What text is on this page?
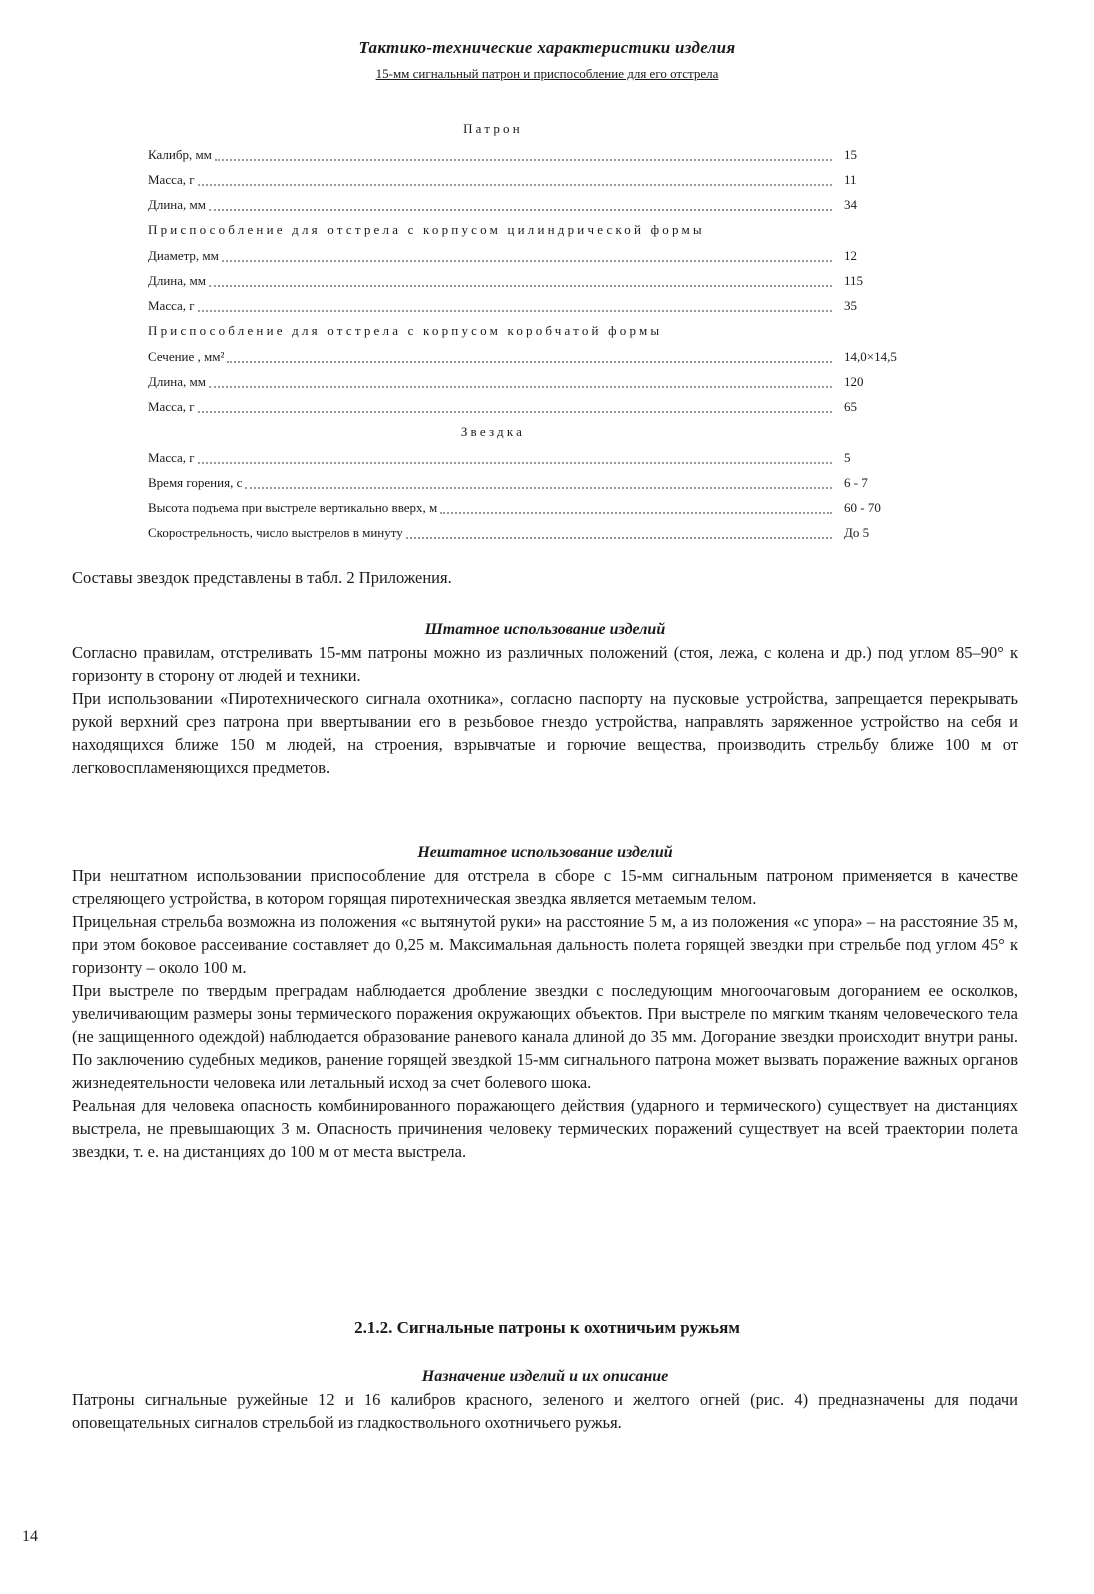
Тактико-технические характеристики изделия
15-мм сигнальный патрон и приспособление для его отстрела
Патрон
Калибр, мм	15
Масса, г	11
Длина, мм	34
Приспособление для отстрела с корпусом цилиндрической формы
Диаметр, мм	12
Длина, мм	115
Масса, г	35
Приспособление для отстрела с корпусом коробчатой формы
Сечение , мм²	14,0×14,5
Длина, мм	120
Масса, г	65
Звездка
Масса, г	5
Время горения, с	6 - 7
Высота подъема при выстреле вертикально вверх, м	60 - 70
Скорострельность, число выстрелов в минуту	До 5

Составы звездок представлены в табл. 2 Приложения.

Штатное использование изделий

Согласно правилам, отстреливать 15-мм патроны можно из различных положений (стоя, лежа, с колена и др.) под углом 85–90° к горизонту в сторону от людей и техники.

При использовании «Пиротехнического сигнала охотника», согласно паспорту на пусковые устройства, запрещается перекрывать рукой верхний срез патрона при ввертывании его в резьбовое гнездо устройства, направлять заряженное устройство на себя и находящихся ближе 150 м людей, на строения, взрывчатые и горючие вещества, производить стрельбу ближе 100 м от легковоспламеняющихся предметов.

Нештатное использование изделий

При нештатном использовании приспособление для отстрела в сборе с 15-мм сигнальным патроном применяется в качестве стреляющего устройства, в котором горящая пиротехническая звездка является метаемым телом.

Прицельная стрельба возможна из положения «с вытянутой руки» на расстояние 5 м, а из положения «с упора» – на расстояние 35 м, при этом боковое рассеивание составляет до 0,25 м. Максимальная дальность полета горящей звездки при стрельбе под углом 45° к горизонту – около 100 м.

При выстреле по твердым преградам наблюдается дробление звездки с последующим многоочаговым догоранием ее осколков, увеличивающим размеры зоны термического поражения окружающих объектов. При выстреле по мягким тканям человеческого тела (не защищенного одеждой) наблюдается образование раневого канала длиной до 35 мм. Догорание звездки происходит внутри раны. По заключению судебных медиков, ранение горящей звездкой 15-мм сигнального патрона может вызвать поражение важных органов жизнедеятельности человека или летальный исход за счет болевого шока.

Реальная для человека опасность комбинированного поражающего действия (ударного и термического) существует на дистанциях выстрела, не превышающих 3 м. Опасность причинения человеку термических поражений существует на всей траектории полета звездки, т. е. на дистанциях до 100 м от места выстрела.

2.1.2. Сигнальные патроны к охотничьим ружьям

Назначение изделий и их описание

Патроны сигнальные ружейные 12 и 16 калибров красного, зеленого и желтого огней (рис. 4) предназначены для подачи оповещательных сигналов стрельбой из гладкоствольного охотничьего ружья.

14
